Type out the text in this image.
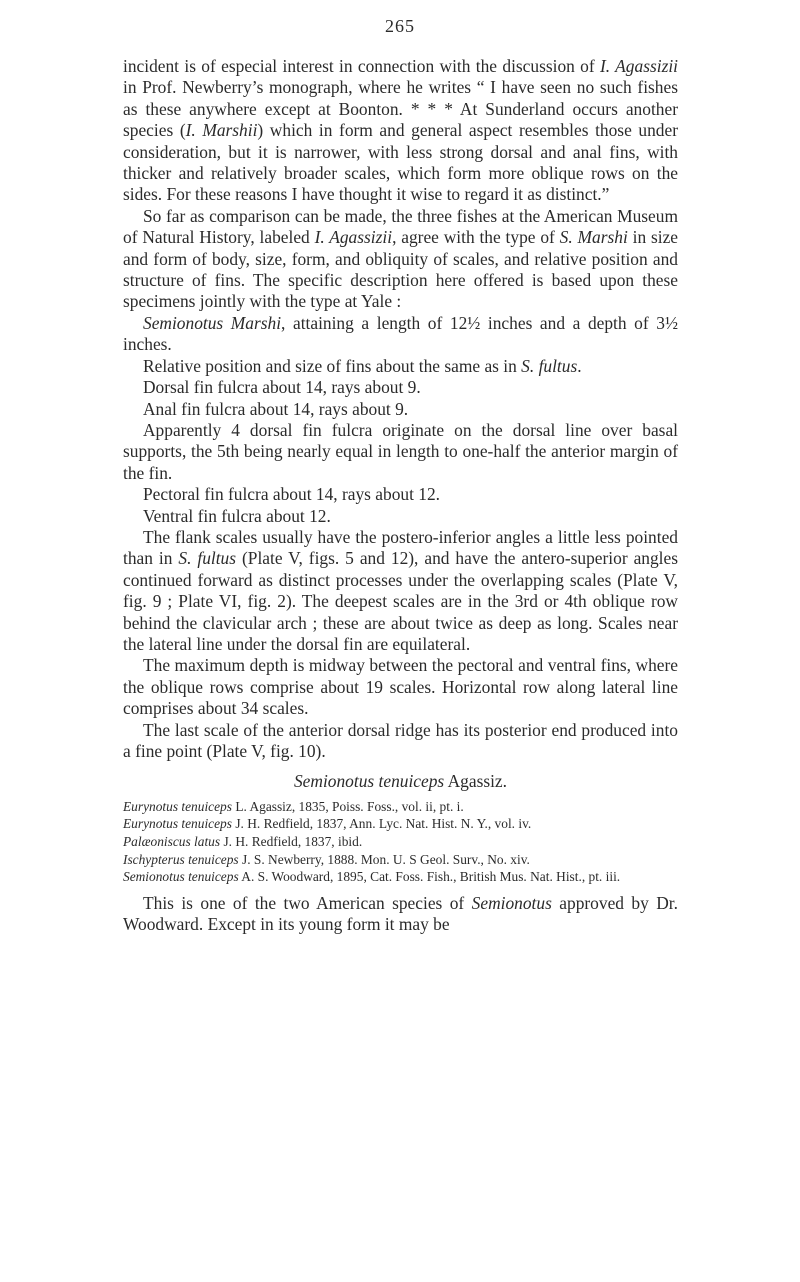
265

incident is of especial interest in connection with the discussion of I. Agassizii in Prof. Newberry’s monograph, where he writes “ I have seen no such fishes as these anywhere except at Boonton. * * * At Sunderland occurs another species (I. Marshii) which in form and general aspect resembles those under consideration, but it is narrower, with less strong dorsal and anal fins, with thicker and relatively broader scales, which form more oblique rows on the sides. For these reasons I have thought it wise to regard it as distinct.”

So far as comparison can be made, the three fishes at the American Museum of Natural History, labeled I. Agassizii, agree with the type of S. Marshi in size and form of body, size, form, and obliquity of scales, and relative position and structure of fins. The specific description here offered is based upon these specimens jointly with the type at Yale :

Semionotus Marshi, attaining a length of 12½ inches and a depth of 3½ inches.

Relative position and size of fins about the same as in S. fultus.

Dorsal fin fulcra about 14, rays about 9.

Anal fin fulcra about 14, rays about 9.

Apparently 4 dorsal fin fulcra originate on the dorsal line over basal supports, the 5th being nearly equal in length to one-half the anterior margin of the fin.

Pectoral fin fulcra about 14, rays about 12.

Ventral fin fulcra about 12.

The flank scales usually have the postero-inferior angles a little less pointed than in S. fultus (Plate V, figs. 5 and 12), and have the antero-superior angles continued forward as distinct processes under the overlapping scales (Plate V, fig. 9 ; Plate VI, fig. 2). The deepest scales are in the 3rd or 4th oblique row behind the clavicular arch ; these are about twice as deep as long. Scales near the lateral line under the dorsal fin are equilateral.

The maximum depth is midway between the pectoral and ventral fins, where the oblique rows comprise about 19 scales. Horizontal row along lateral line comprises about 34 scales.

The last scale of the anterior dorsal ridge has its posterior end produced into a fine point (Plate V, fig. 10).

Semionotus tenuiceps Agassiz.

Eurynotus tenuiceps L. Agassiz, 1835, Poiss. Foss., vol. ii, pt. i.

Eurynotus tenuiceps J. H. Redfield, 1837, Ann. Lyc. Nat. Hist. N. Y., vol. iv.

Palæoniscus latus J. H. Redfield, 1837, ibid.

Ischypterus tenuiceps J. S. Newberry, 1888. Mon. U. S Geol. Surv., No. xiv.

Semionotus tenuiceps A. S. Woodward, 1895, Cat. Foss. Fish., British Mus. Nat. Hist., pt. iii.

This is one of the two American species of Semionotus approved by Dr. Woodward. Except in its young form it may be
